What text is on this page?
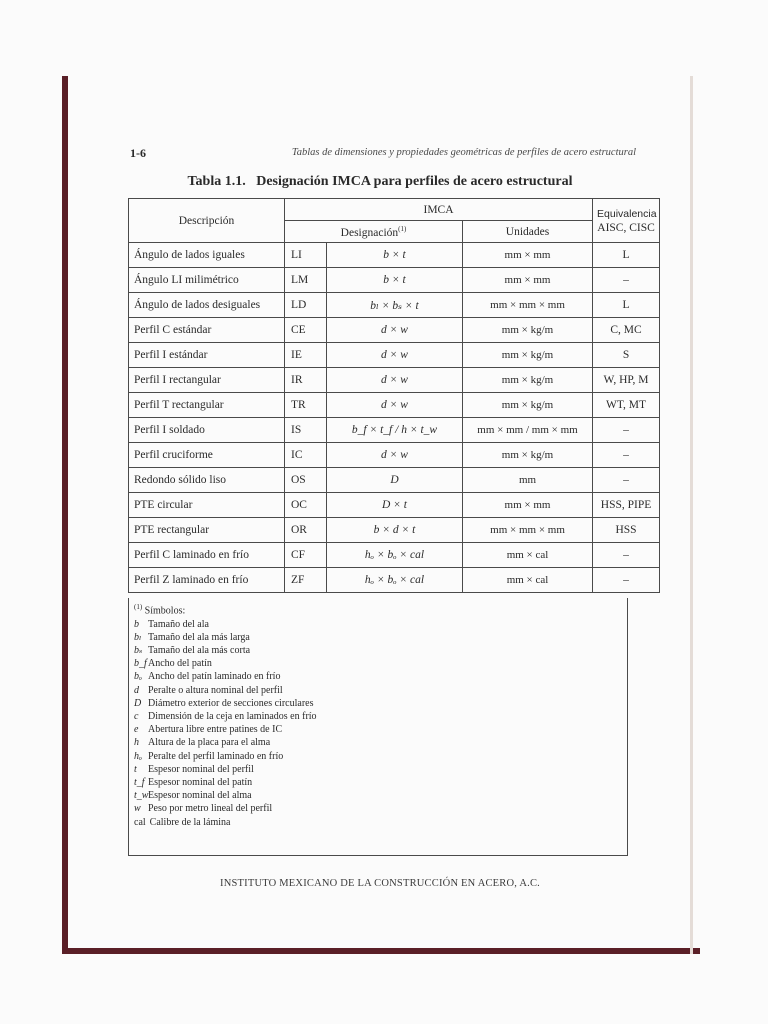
1-6	Tablas de dimensiones y propiedades geométricas de perfiles de acero estructural
Tabla 1.1.   Designación IMCA para perfiles de acero estructural
Descripción	IMCA			Equivalencia
AISC, CISC
	Designación$^{(1)}$		Unidades	
Ángulo de lados iguales	LI	b × t	mm × mm	L
Ángulo LI milimétrico	LM	b × t	mm × mm	–
Ángulo de lados desiguales	LD	bₗ × bₛ × t	mm × mm × mm	L
Perfil C estándar	CE	d × w	mm × kg/m	C, MC
Perfil I estándar	IE	d × w	mm × kg/m	S
Perfil I rectangular	IR	d × w	mm × kg/m	W, HP, M
Perfil T rectangular	TR	d × w	mm × kg/m	WT, MT
Perfil I soldado	IS	b_f × t_f / h × t_w	mm × mm / mm × mm	–
Perfil cruciforme	IC	d × w	mm × kg/m	–
Redondo sólido liso	OS	D	mm	–
PTE circular	OC	D × t	mm × mm	HSS, PIPE
PTE rectangular	OR	b × d × t	mm × mm × mm	HSS
Perfil C laminado en frío	CF	hₒ × bₒ × cal	mm × cal	–
Perfil Z laminado en frío	ZF	hₒ × bₒ × cal	mm × cal	–
$^{(1)}$ Símbolos:
b Tamaño del ala
bₗ Tamaño del ala más larga
bₛ Tamaño del ala más corta
b_fAncho del patín
bₒ Ancho del patín laminado en frío
d Peralte o altura nominal del perfil
D Diámetro exterior de secciones circulares
c Dimensión de la ceja en laminados en frío
e Abertura libre entre patines de IC
h Altura de la placa para el alma
hₒ Peralte del perfil laminado en frío
t Espesor nominal del perfil
t_f Espesor nominal del patín
t_wEspesor nominal del alma
w Peso por metro lineal del perfil
cal Calibre de la lámina
INSTITUTO MEXICANO DE LA CONSTRUCCIÓN EN ACERO, A.C.
